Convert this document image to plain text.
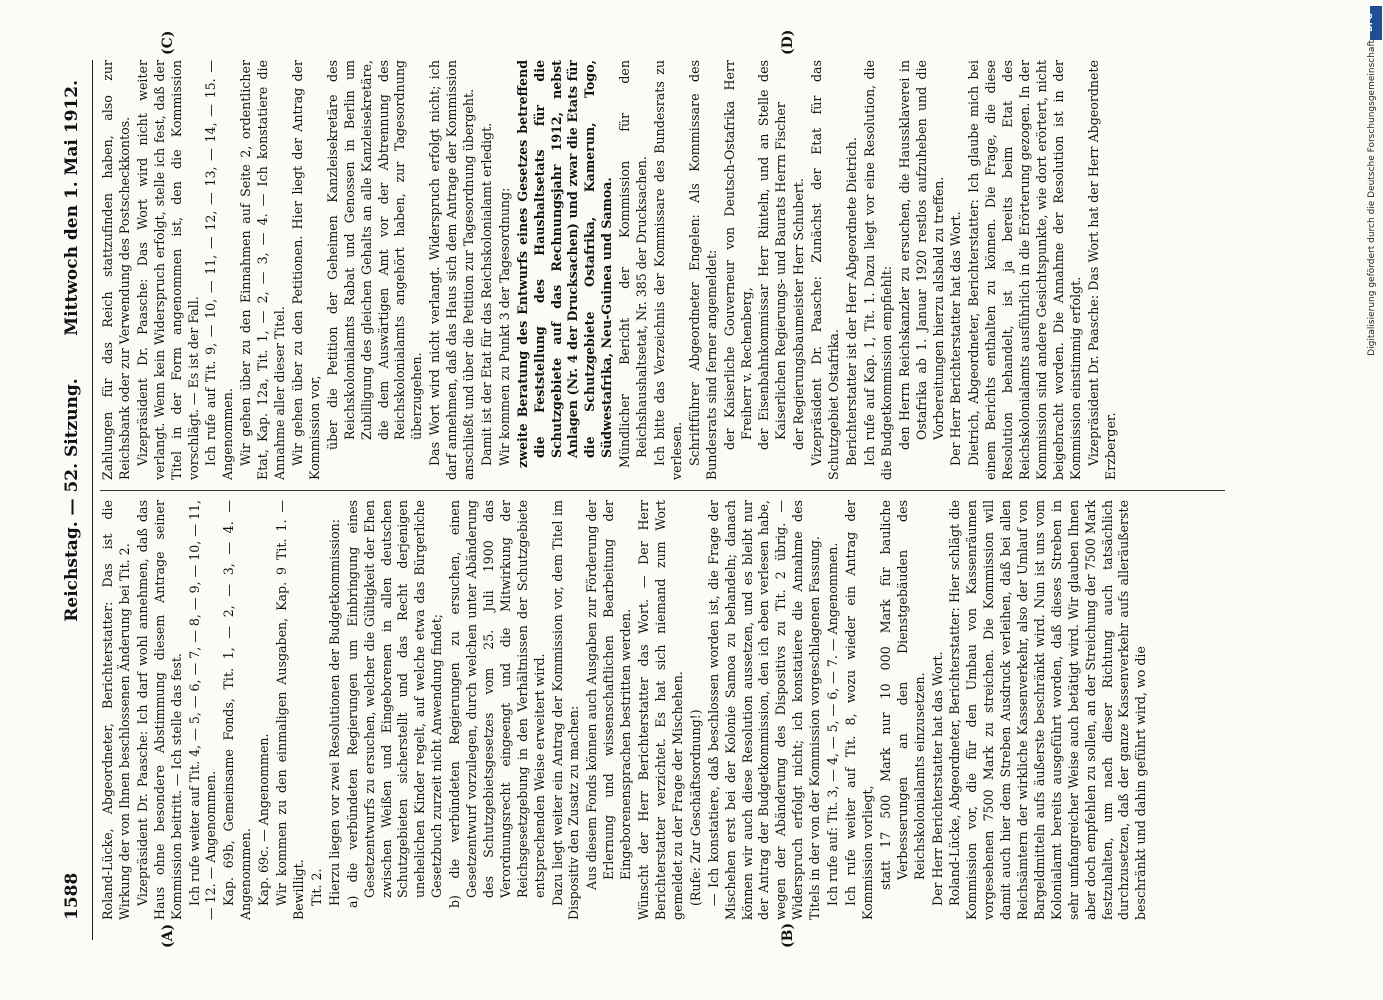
1588
Reichstag. — 52. Sitzung.
Mittwoch den 1. Mai 1912.
(A)	(B)
(C)	(D)

Roland-Lücke, Abgeordneter, Berichterstatter: Das ist die Wirkung der von Ihnen beschlossenen Änderung bei Tit. 2. Vizepräsident Dr. Paasche: Ich darf wohl annehmen, daß das Haus ohne besondere Abstimmung diesem Antrage seiner Kommission beitritt. — Ich stelle das fest. Ich rufe weiter auf Tit. 4, — 5, — 6, — 7, — 8, — 9, — 10, — 11, — 12. — Angenommen. Kap. 69b, Gemeinsame Fonds, Tit. 1, — 2, — 3, — 4. — Angenommen. Kap. 69c. — Angenommen. Wir kommen zu den einmaligen Ausgaben, Kap. 9 Tit. 1. — Bewilligt. Tit. 2. Hierzu liegen vor zwei Resolutionen der Budgetkommission: a) die verbündeten Regierungen um Einbringung eines Gesetzentwurfs zu ersuchen, welcher die Gültigkeit der Ehen zwischen Weißen und Eingeborenen in allen deutschen Schutzgebieten sicherstellt und das Recht derjenigen unehelichen Kinder regelt, auf welche etwa das Bürgerliche Gesetzbuch zurzeit nicht Anwendung findet; b) die verbündeten Regierungen zu ersuchen, einen Gesetzentwurf vorzulegen, durch welchen unter Abänderung des Schutzgebietsgesetzes vom 25. Juli 1900 das Verordnungsrecht eingeengt und die Mitwirkung der Reichsgesetzgebung in den Verhältnissen der Schutzgebiete entsprechenden Weise erweitert wird. Dazu liegt weiter ein Antrag der Kommission vor, dem Titel im Dispositiv den Zusatz zu machen: Aus diesem Fonds können auch Ausgaben zur Förderung der Erlernung und wissenschaftlichen Bearbeitung der Eingeborenensprachen bestritten werden. Wünscht der Herr Berichterstatter das Wort. — Der Herr Berichterstatter verzichtet. Es hat sich niemand zum Wort gemeldet zu der Frage der Mischehen. (Rufe: Zur Geschäftsordnung!) — Ich konstatiere, daß beschlossen worden ist, die Frage der Mischehen erst bei der Kolonie Samoa zu behandeln; danach können wir auch diese Resolution aussetzen, und es bleibt nur der Antrag der Budgetkommission, den ich eben verlesen habe, wegen der Abänderung des Dispositivs zu Tit. 2 übrig. — Widerspruch erfolgt nicht; ich konstatiere die Annahme des Titels in der von der Kommission vorgeschlagenen Fassung. Ich rufe auf: Tit. 3, — 4, — 5, — 6, — 7. — Angenommen. Ich rufe weiter auf Tit. 8, wozu wieder ein Antrag der Kommission vorliegt, statt 17 500 Mark nur 10 000 Mark für bauliche Verbesserungen an den Dienstgebäuden des Reichskolonialamts einzusetzen. Der Herr Berichterstatter hat das Wort. Roland-Lücke, Abgeordneter, Berichterstatter: Hier schlägt die Kommission vor, die für den Umbau von Kassenräumen vorgesehenen 7500 Mark zu streichen. Die Kommission will damit auch hier dem Streben Ausdruck verleihen, daß bei allen Reichsämtern der wirkliche Kassenverkehr, also der Umlauf von Bargeldmitteln aufs äußerste beschränkt wird. Nun ist uns vom Kolonialamt bereits ausgeführt worden, daß dieses Streben in sehr umfangreicher Weise auch betätigt wird. Wir glauben Ihnen aber doch empfehlen zu sollen, an der Streichung der 7500 Mark festzuhalten, um nach dieser Richtung auch tatsächlich durchzusetzen, daß der ganze Kassenverkehr aufs alleräußerste beschränkt und dahin geführt wird, wo die

Zahlungen für das Reich stattzufinden haben, also zur Reichsbank oder zur Verwendung des Postscheckkontos. Vizepräsident Dr. Paasche: Das Wort wird nicht weiter verlangt. Wenn kein Widerspruch erfolgt, stelle ich fest, daß der Titel in der Form angenommen ist, den die Kommission vorschlägt. — Es ist der Fall. Ich rufe auf Tit. 9, — 10, — 11, — 12, — 13, — 14, — 15. — Angenommen. Wir gehen über zu den Einnahmen auf Seite 2, ordentlicher Etat, Kap. 12a, Tit. 1, — 2, — 3, — 4. — Ich konstatiere die Annahme aller dieser Titel. Wir gehen über zu den Petitionen. Hier liegt der Antrag der Kommission vor, über die Petition der Geheimen Kanzleisekretäre des Reichskolonialamts Rabat und Genossen in Berlin um Zubilligung des gleichen Gehalts an alle Kanzleisekretäre, die dem Auswärtigen Amt vor der Abtrennung des Reichskolonialamts angehört haben, zur Tagesordnung überzugehen. Das Wort wird nicht verlangt. Widerspruch erfolgt nicht; ich darf annehmen, daß das Haus sich dem Antrage der Kommission anschließt und über die Petition zur Tagesordnung übergeht. Damit ist der Etat für das Reichskolonialamt erledigt. Wir kommen zu Punkt 3 der Tagesordnung: zweite Beratung des Entwurfs eines Gesetzes betreffend die Feststellung des Haushaltsetats für die Schutzgebiete auf das Rechnungsjahr 1912, nebst Anlagen (Nr. 4 der Drucksachen) und zwar die Etats für die Schutzgebiete Ostafrika, Kamerun, Togo, Südwestafrika, Neu-Guinea und Samoa. Mündlicher Bericht der Kommission für den Reichshaushaltsetat, Nr. 385 der Drucksachen. Ich bitte das Verzeichnis der Kommissare des Bundesrats zu verlesen. Schriftführer Abgeordneter Engelen: Als Kommissare des Bundesrats sind ferner angemeldet: der Kaiserliche Gouverneur von Deutsch-Ostafrika Herr Freiherr v. Rechenberg, der Eisenbahnkommissar Herr Rinteln, und an Stelle des Kaiserlichen Regierungs- und Baurats Herrn Fischer der Regierungsbaumeister Herr Schubert. Vizepräsident Dr. Paasche: Zunächst der Etat für das Schutzgebiet Ostafrika. Berichterstatter ist der Herr Abgeordnete Dietrich. Ich rufe auf Kap. 1, Tit. 1. Dazu liegt vor eine Resolution, die die Budgetkommission empfiehlt: den Herrn Reichskanzler zu ersuchen, die Haussklaverei in Ostafrika ab 1. Januar 1920 restlos aufzuheben und die Vorbereitungen hierzu alsbald zu treffen. Der Herr Berichterstatter hat das Wort. Dietrich, Abgeordneter, Berichterstatter: Ich glaube mich bei einem Berichts enthalten zu können. Die Frage, die diese Resolution behandelt, ist ja bereits beim Etat des Reichskolonialamts ausführlich in die Erörterung gezogen. In der Kommission sind andere Gesichtspunkte, wie dort erörtert, nicht beigebracht worden. Die Annahme der Resolution ist in der Kommission einstimmig erfolgt. Vizepräsident Dr. Paasche: Das Wort hat der Herr Abgeordnete Erzberger.

Digitalisierung gefördert durch die Deutsche Forschungsgemeinschaft
DFG
